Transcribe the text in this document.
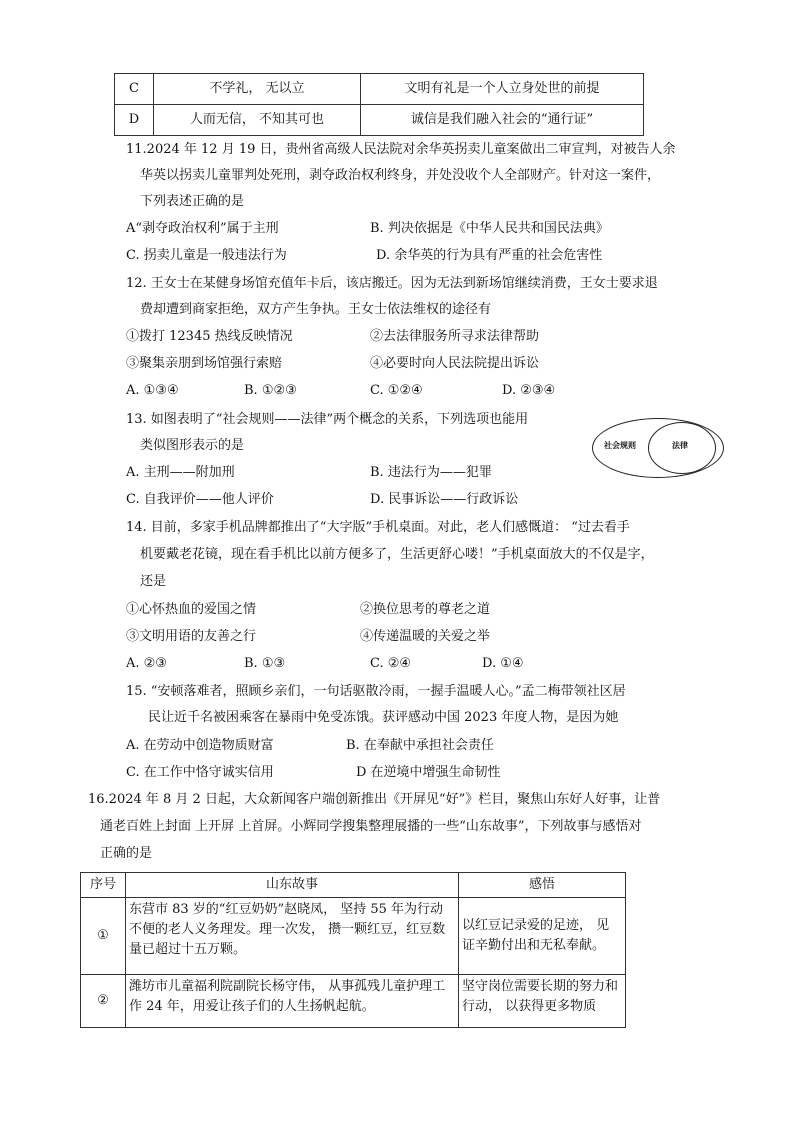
C	不学礼， 无以立	文明有礼是一个人立身处世的前提
D	人而无信， 不知其可也	诚信是我们融入社会的“通行证”
11.2024 年 12 月 19 日，贵州省高级人民法院对余华英拐卖儿童案做出二审宣判，对被告人余
华英以拐卖儿童罪判处死刑，剥夺政治权利终身，并处没收个人全部财产。针对这一案件，
下列表述正确的是
A“剥夺政治权利”属于主刑	B. 判决依据是《中华人民共和国民法典》
C. 拐卖儿童是一般违法行为	D. 余华英的行为具有严重的社会危害性
12. 王女士在某健身场馆充值年卡后，该店搬迁。因为无法到新场馆继续消费，王女士要求退
费却遭到商家拒绝，双方产生争执。王女士依法维权的途径有
①拨打 12345 热线反映情况	②去法律服务所寻求法律帮助
③聚集亲朋到场馆强行索赔	④必要时向人民法院提出诉讼
A. ①③④	B. ①②③	C. ①②④	D. ②③④
13. 如图表明了“社会规则——法律”两个概念的关系，下列选项也能用
类似图形表示的是	社会规则	法律
A. 主刑——附加刑	B. 违法行为——犯罪
C. 自我评价——他人评价	D. 民事诉讼——行政诉讼
14. 目前，多家手机品牌都推出了“大字版”手机桌面。对此，老人们感慨道： “过去看手
机要戴老花镜，现在看手机比以前方便多了，生活更舒心喽！”手机桌面放大的不仅是字，
还是
①心怀热血的爱国之情	②换位思考的尊老之道
③文明用语的友善之行	④传递温暖的关爱之举
A. ②③	B. ①③	C. ②④	D. ①④
15. “安顿落难者，照顾乡亲们，一句话驱散冷雨，一握手温暖人心。”孟二梅带领社区居
民让近千名被困乘客在暴雨中免受冻饿。获评感动中国 2023 年度人物，是因为她
A. 在劳动中创造物质财富	B. 在奉献中承担社会责任
C. 在工作中恪守诚实信用	D 在逆境中增强生命韧性
16.2024 年 8 月 2 日起，大众新闻客户端创新推出《开屏见“好”》栏目，聚焦山东好人好事，让普
通老百姓上封面 上开屏 上首屏。小辉同学搜集整理展播的一些“山东故事”，下列故事与感悟对
正确的是
序号	山东故事	感悟
①	东营市 83 岁的“红豆奶奶”赵晓凤， 坚持 55 年为行动不便的老人义务理发。理一次发， 攒一颗红豆，红豆数量已超过十五万颗。	以红豆记录爱的足迹， 见证辛勤付出和无私奉献。
②	潍坊市儿童福利院副院长杨守伟， 从事孤残儿童护理工作 24 年，用爱让孩子们的人生扬帆起航。	坚守岗位需要长期的努力和行动， 以获得更多物质
